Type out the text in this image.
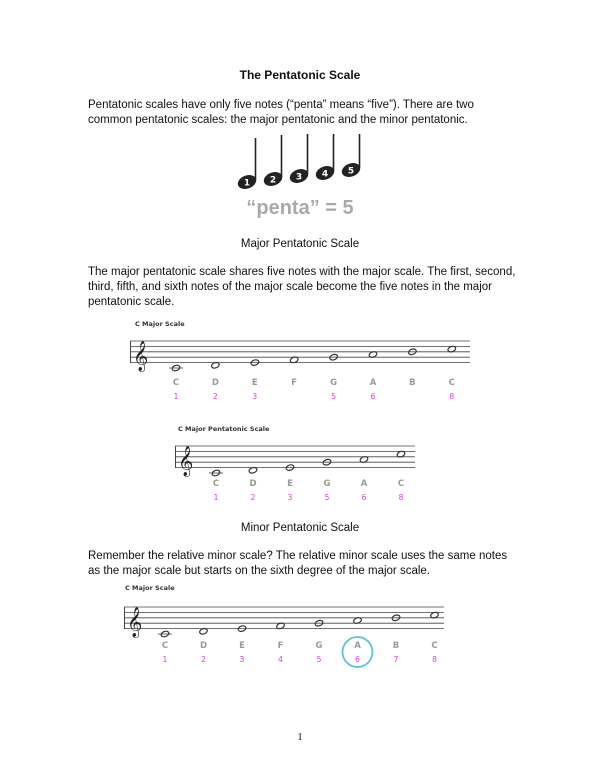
The Pentatonic Scale
Pentatonic scales have only five notes (“penta” means “five”). There are two common pentatonic scales: the major pentatonic and the minor pentatonic.
1 2 3 4 5
“penta” = 5
Major Pentatonic Scale
The major pentatonic scale shares five notes with the major scale. The first, second, third, fifth, and sixth notes of the major scale become the five notes in the major pentatonic scale.
C Major Scale
𝄞
C
1
D
2
E
3
F	G
5
A
6
B	C
8
C Major Pentatonic Scale
𝄞
C
1
D
2
E
3
G
5
A
6
C
8
Minor Pentatonic Scale
Remember the relative minor scale? The relative minor scale uses the same notes as the major scale but starts on the sixth degree of the major scale.
C Major Scale
𝄞
C
1
D
2
E
3
F
4
G
5
A
6
B
7
C
8
1
